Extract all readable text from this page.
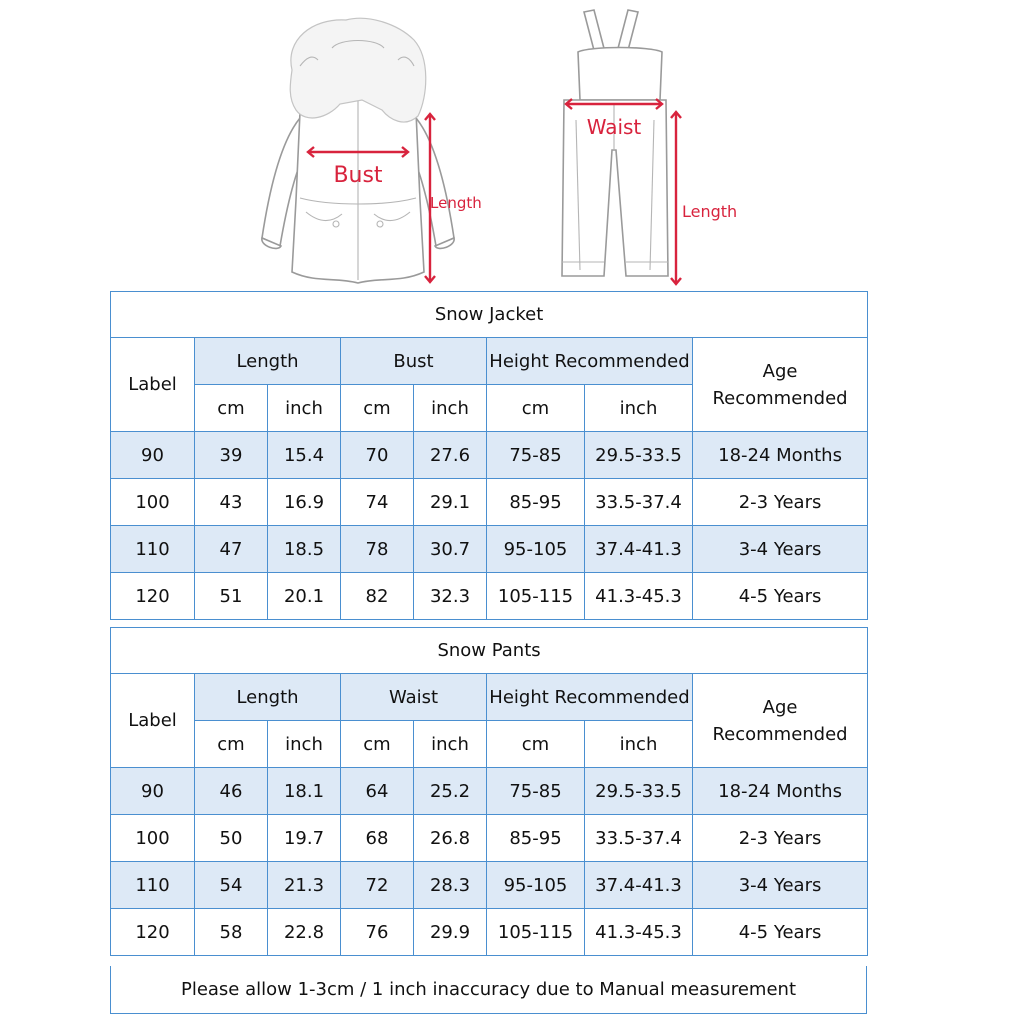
Bust
Length
Waist
Length
Snow Jacket							
Label	Length		Bust		Height Recommended		Age
Recommended
	cm	inch	cm	inch	cm	inch	
90	39	15.4	70	27.6	75-85	29.5-33.5	18-24 Months
100	43	16.9	74	29.1	85-95	33.5-37.4	2-3 Years
110	47	18.5	78	30.7	95-105	37.4-41.3	3-4 Years
120	51	20.1	82	32.3	105-115	41.3-45.3	4-5 Years
Snow Pants							
Label	Length		Waist		Height Recommended		Age
Recommended
	cm	inch	cm	inch	cm	inch	
90	46	18.1	64	25.2	75-85	29.5-33.5	18-24 Months
100	50	19.7	68	26.8	85-95	33.5-37.4	2-3 Years
110	54	21.3	72	28.3	95-105	37.4-41.3	3-4 Years
120	58	22.8	76	29.9	105-115	41.3-45.3	4-5 Years
Please allow 1-3cm / 1 inch inaccuracy due to Manual measurement
